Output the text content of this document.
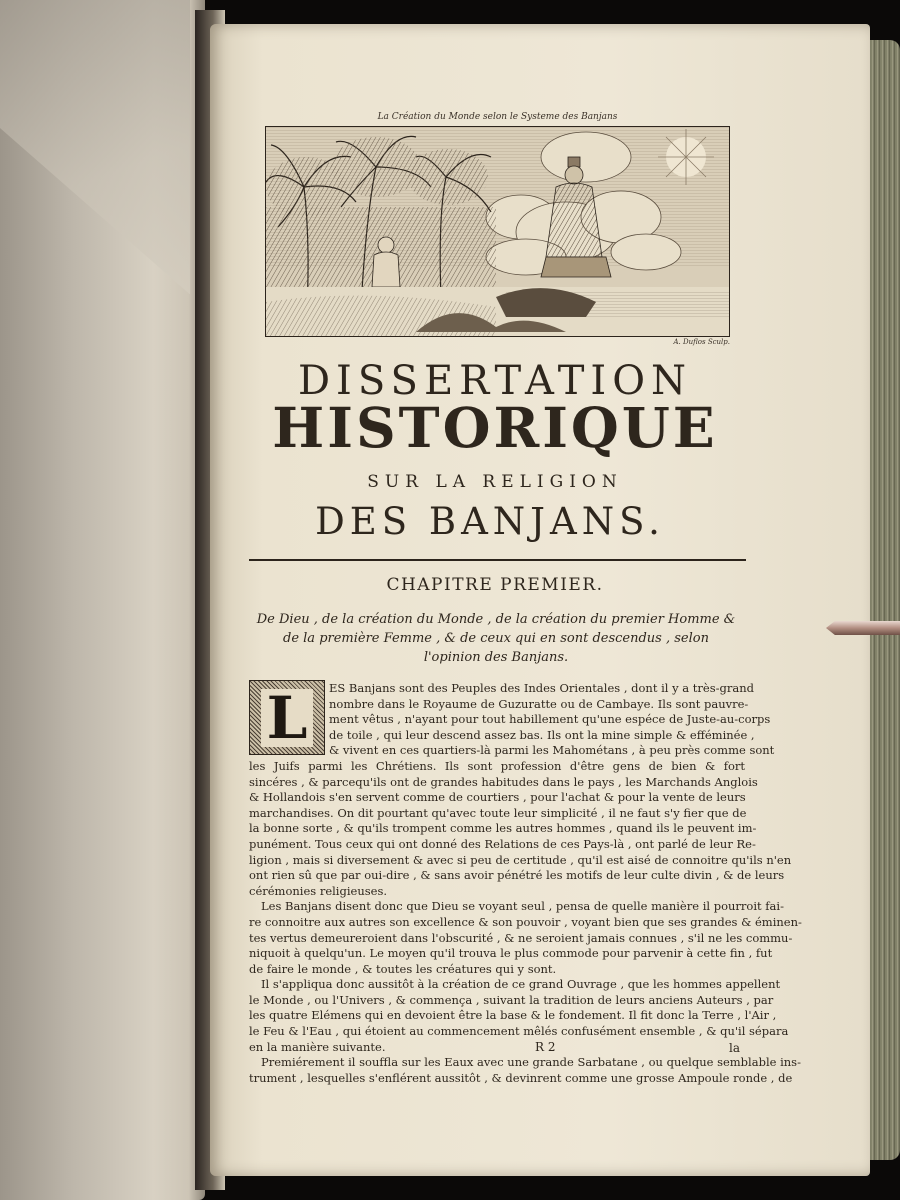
La Création du Monde selon le Systeme des Banjans
A. Duflos Sculp.
DISSERTATION
HISTORIQUE
SUR LA RELIGION
DES BANJANS.
CHAPITRE PREMIER.
De Dieu , de la création du Monde , de la création du premier Homme &
de la première Femme , & de ceux qui en sont descendus , selon
l'opinion des Banjans.
L	ES Banjans sont des Peuples des Indes Orientales , dont il y a très-grand
nombre dans le Royaume de Guzuratte ou de Cambaye. Ils sont pauvre-
ment vêtus , n'ayant pour tout habillement qu'une espéce de Juste-au-corps
de toile , qui leur descend assez bas. Ils ont la mine simple & efféminée ,
& vivent en ces quartiers-là parmi les Mahométans , à peu près comme sont
les Juifs parmi les Chrétiens. Ils sont profession d'être gens de bien & fort
sincéres , & parcequ'ils ont de grandes habitudes dans le pays , les Marchands Anglois
& Hollandois s'en servent comme de courtiers , pour l'achat & pour la vente de leurs
marchandises. On dit pourtant qu'avec toute leur simplicité , il ne faut s'y fier que de
la bonne sorte , & qu'ils trompent comme les autres hommes , quand ils le peuvent im-
punément. Tous ceux qui ont donné des Relations de ces Pays-là , ont parlé de leur Re-
ligion , mais si diversement & avec si peu de certitude , qu'il est aisé de connoitre qu'ils n'en
ont rien sû que par oui-dire , & sans avoir pénétré les motifs de leur culte divin , & de leurs
cérémonies religieuses.
Les Banjans disent donc que Dieu se voyant seul , pensa de quelle manière il pourroit fai-
re connoitre aux autres son excellence & son pouvoir , voyant bien que ses grandes & éminen-
tes vertus demeureroient dans l'obscurité , & ne seroient jamais connues , s'il ne les commu-
niquoit à quelqu'un. Le moyen qu'il trouva le plus commode pour parvenir à cette fin , fut
de faire le monde , & toutes les créatures qui y sont.
Il s'appliqua donc aussitôt à la création de ce grand Ouvrage , que les hommes appellent
le Monde , ou l'Univers , & commença , suivant la tradition de leurs anciens Auteurs , par
les quatre Elémens qui en devoient être la base & le fondement. Il fit donc la Terre , l'Air ,
le Feu & l'Eau , qui étoient au commencement mêlés confusément ensemble , & qu'il sépara
en la manière suivante.
Premiérement il souffla sur les Eaux avec une grande Sarbatane , ou quelque semblable ins-
trument , lesquelles s'enflérent aussitôt , & devinrent comme une grosse Ampoule ronde , de
R 2	la
